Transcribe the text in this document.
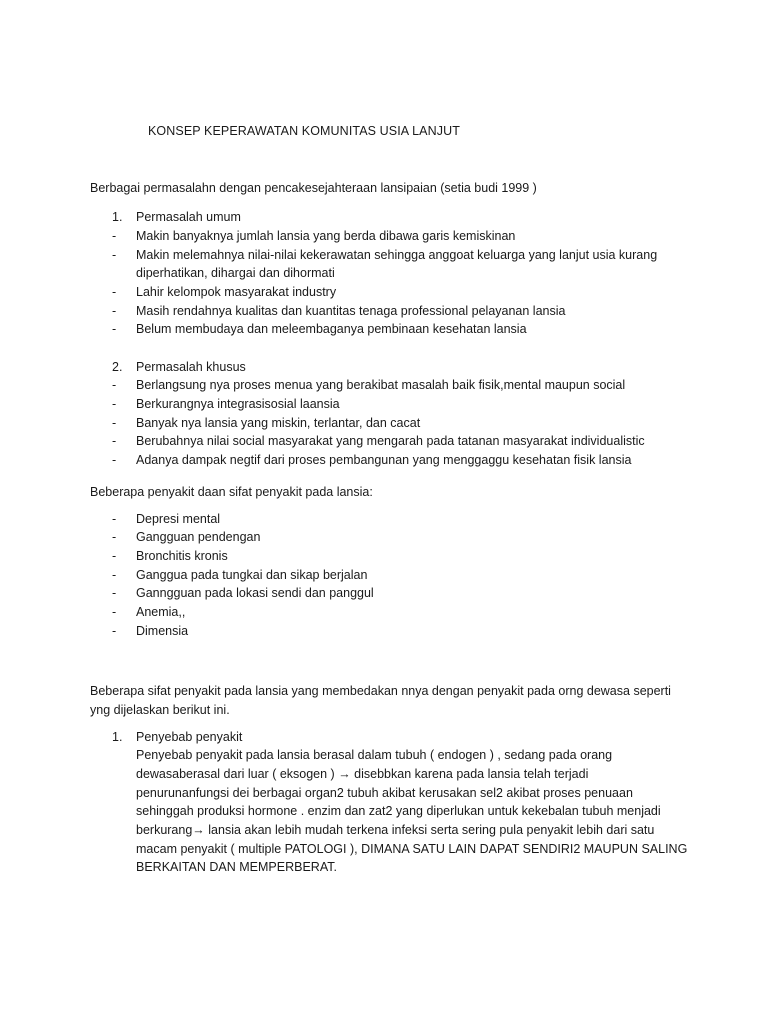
KONSEP KEPERAWATAN KOMUNITAS USIA LANJUT
Berbagai permasalahn dengan pencakesejahteraan lansipaian (setia budi 1999 )
1. Permasalah umum
- Makin banyaknya jumlah lansia yang berda dibawa garis kemiskinan
- Makin melemahnya nilai-nilai kekerawatan sehingga anggoat keluarga yang lanjut usia kurang
diperhatikan, dihargai dan dihormati
- Lahir kelompok masyarakat industry
- Masih rendahnya kualitas dan kuantitas tenaga professional pelayanan lansia
- Belum membudaya dan meleembaganya pembinaan kesehatan lansia
2. Permasalah khusus
- Berlangsung nya proses menua yang berakibat masalah baik fisik,mental maupun social
- Berkurangnya integrasisosial laansia
- Banyak nya lansia yang miskin, terlantar, dan cacat
- Berubahnya nilai social masyarakat yang mengarah pada tatanan masyarakat individualistic
- Adanya dampak negtif dari proses pembangunan yang menggaggu kesehatan fisik lansia
Beberapa penyakit daan sifat penyakit pada lansia:
- Depresi mental
- Gangguan pendengan
- Bronchitis kronis
- Ganggua pada tungkai dan sikap berjalan
- Ganngguan pada lokasi sendi dan panggul
- Anemia,,
- Dimensia
Beberapa sifat penyakit pada lansia yang membedakan nnya dengan penyakit pada orng dewasa seperti
yng dijelaskan berikut ini.
1. Penyebab penyakit
Penyebab penyakit pada lansia berasal dalam tubuh ( endogen ) , sedang pada orang
dewasaberasal dari luar ( eksogen ) → disebbkan karena pada lansia telah terjadi
penurunanfungsi dei berbagai organ2 tubuh akibat kerusakan sel2 akibat proses penuaan
sehinggah produksi hormone . enzim dan zat2 yang diperlukan untuk kekebalan tubuh menjadi
berkurang→ lansia akan lebih mudah terkena infeksi serta sering pula penyakit lebih dari satu
macam penyakit ( multiple PATOLOGI ), DIMANA SATU LAIN DAPAT SENDIRI2 MAUPUN SALING
BERKAITAN DAN MEMPERBERAT.
